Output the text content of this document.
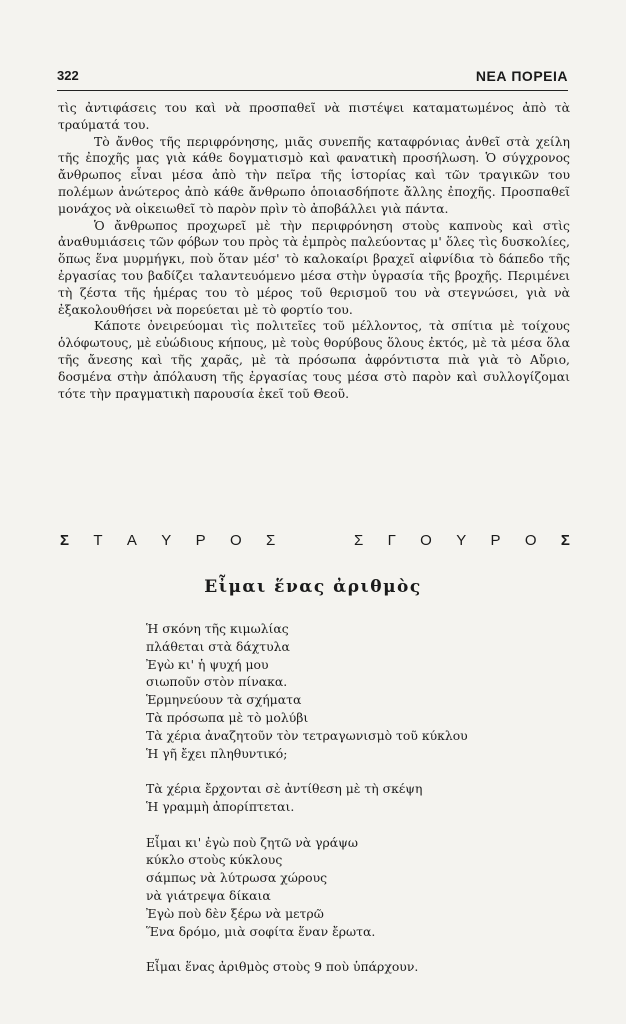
322	ΝΕΑ ΠΟΡΕΙΑ

τὶς ἀντιφάσεις του καὶ νὰ προσπαθεῖ νὰ πιστέψει καταματωμένος ἀπὸ τὰ τραύματά του.

Τὸ ἄνθος τῆς περιφρόνησης, μιᾶς συνεπῆς καταφρόνιας ἀνθεῖ στὰ χείλη τῆς ἐποχῆς μας γιὰ κάθε δογματισμὸ καὶ φανατικὴ προσήλωση. Ὁ σύγχρονος ἄνθρωπος εἶναι μέσα ἀπὸ τὴν πεῖρα τῆς ἱστορίας καὶ τῶν τραγικῶν του πολέμων ἀνώτερος ἀπὸ κάθε ἄνθρωπο ὁποιασδήποτε ἄλλης ἐποχῆς. Προσπαθεῖ μονάχος νὰ οἰκειωθεῖ τὸ παρὸν πρὶν τὸ ἀποβάλλει γιὰ πάντα.

Ὁ ἄνθρωπος προχωρεῖ μὲ τὴν περιφρόνηση στοὺς καπνοὺς καὶ στὶς ἀναθυμιάσεις τῶν φόβων του πρὸς τὰ ἐμπρὸς παλεύοντας μ' ὅλες τὶς δυσκολίες, ὅπως ἕνα μυρμήγκι, ποὺ ὅταν μέσ' τὸ καλοκαίρι βραχεῖ αἰφνίδια τὸ δάπεδο τῆς ἐργασίας του βαδίζει ταλαντευόμενο μέσα στὴν ὑγρασία τῆς βροχῆς. Περιμένει τὴ ζέστα τῆς ἡμέρας του τὸ μέρος τοῦ θερισμοῦ του νὰ στεγνώσει, γιὰ νὰ ἐξακολουθήσει νὰ πορεύεται μὲ τὸ φορτίο του.

Κάποτε ὀνειρεύομαι τὶς πολιτεῖες τοῦ μέλλοντος, τὰ σπίτια μὲ τοίχους ὁλόφωτους, μὲ εὐώδιους κήπους, μὲ τοὺς θορύβους ὅλους ἐκτός, μὲ τὰ μέσα ὅλα τῆς ἄνεσης καὶ τῆς χαρᾶς, μὲ τὰ πρόσωπα ἀφρόντιστα πιὰ γιὰ τὸ Αὔριο, δοσμένα στὴν ἀπόλαυση τῆς ἐργασίας τους μέσα στὸ παρὸν καὶ συλλογίζομαι τότε τὴν πραγματικὴ παρουσία ἐκεῖ τοῦ Θεοῦ.

Σ Τ Α Υ Ρ Ο Σ	Σ Γ Ο Υ Ρ Ο Σ
Εἶμαι ἕνας ἀριθμὸς
Ἡ σκόνη τῆς κιμωλίας
πλάθεται στὰ δάχτυλα
Ἐγὼ κι' ἡ ψυχή μου
σιωποῦν στὸν πίνακα.
Ἑρμηνεύουν τὰ σχήματα
Τὰ πρόσωπα μὲ τὸ μολύβι
Τὰ χέρια ἀναζητοῦν τὸν τετραγωνισμὸ τοῦ κύκλου
Ἡ γῆ ἔχει πληθυντικό;
Τὰ χέρια ἔρχονται σὲ ἀντίθεση μὲ τὴ σκέψη
Ἡ γραμμὴ ἀπορίπτεται.
Εἶμαι κι' ἐγὼ ποὺ ζητῶ νὰ γράψω
κύκλο στοὺς κύκλους
σάμπως νὰ λύτρωσα χώρους
νὰ γιάτρεψα δίκαια
Ἐγὼ ποὺ δὲν ξέρω νὰ μετρῶ
Ἕνα δρόμο, μιὰ σοφίτα ἕναν ἔρωτα.
Εἶμαι ἕνας ἀριθμὸς στοὺς 9 ποὺ ὑπάρχουν.
